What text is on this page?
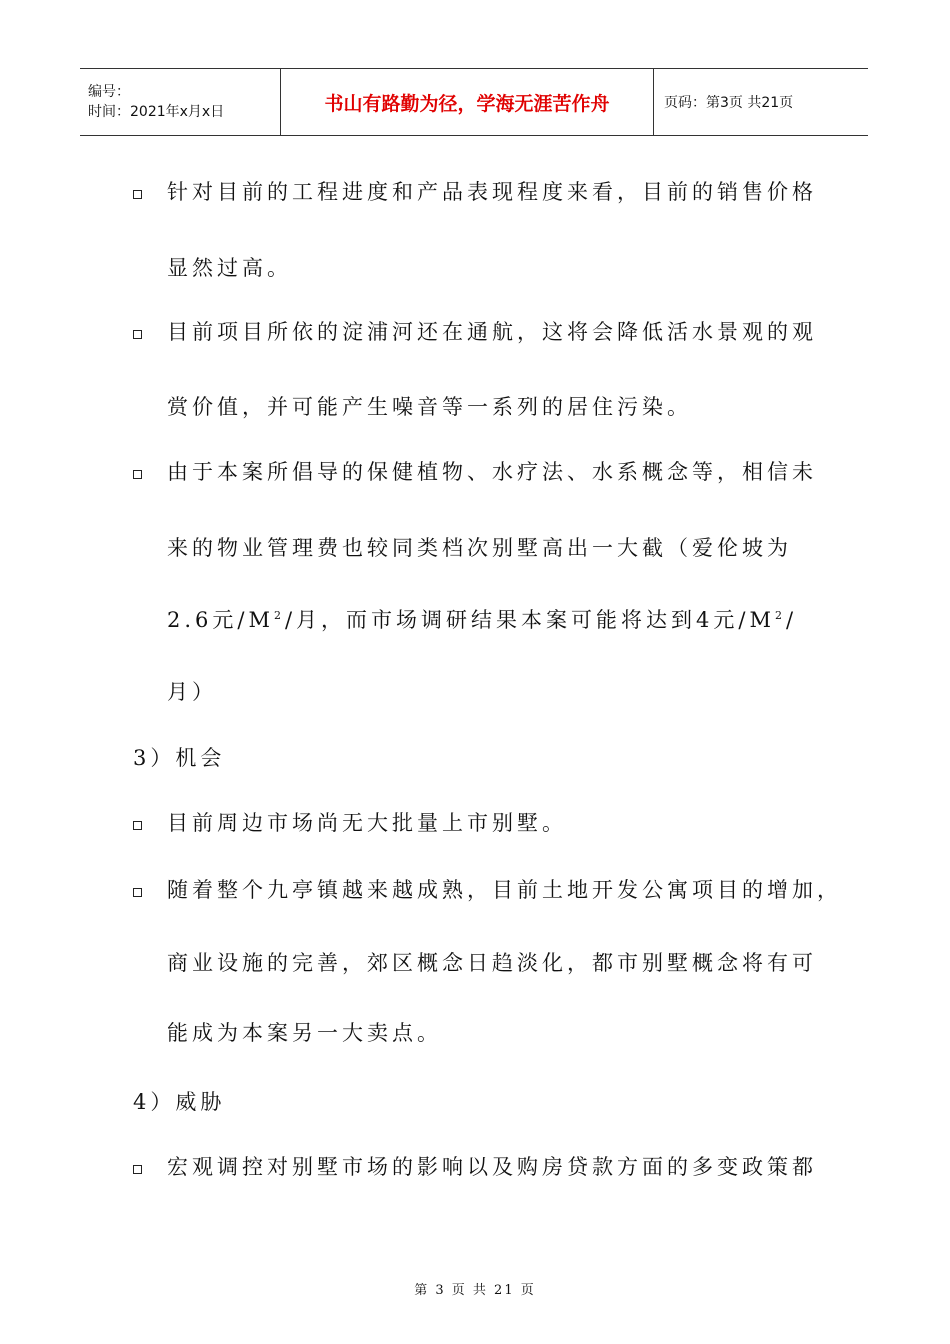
编号：
时间：2021年x月x日	书山有路勤为径，学海无涯苦作舟	页码：第3页 共21页
针对目前的工程进度和产品表现程度来看，目前的销售价格
显然过高。
目前项目所依的淀浦河还在通航，这将会降低活水景观的观
赏价值，并可能产生噪音等一系列的居住污染。
由于本案所倡导的保健植物、水疗法、水系概念等，相信未
来的物业管理费也较同类档次别墅高出一大截（爱伦坡为
2.6元$/M^2/$月，而市场调研结果本案可能将达到4元$/M^2/$
月）
3）机会
目前周边市场尚无大批量上市别墅。
随着整个九亭镇越来越成熟，目前土地开发公寓项目的增加，
商业设施的完善，郊区概念日趋淡化，都市别墅概念将有可
能成为本案另一大卖点。
4）威胁
宏观调控对别墅市场的影响以及购房贷款方面的多变政策都
第 3 页 共 21 页
